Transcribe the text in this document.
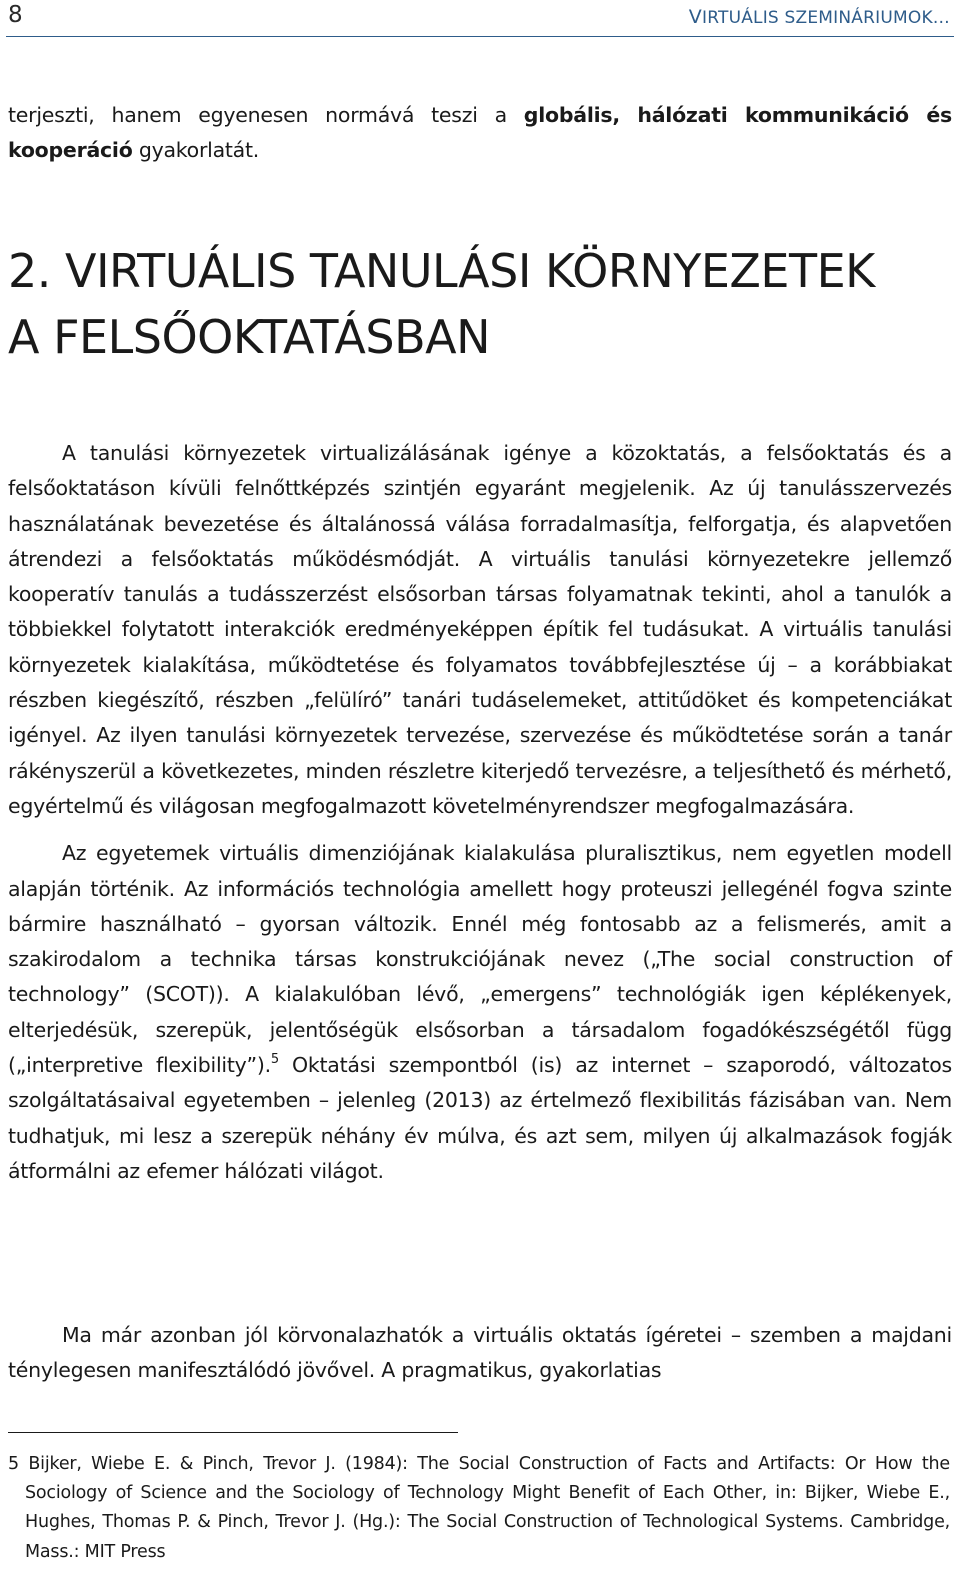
8	VIRTUÁLIS SZEMINÁRIUMOK…
terjeszti, hanem egyenesen normává teszi a globális, hálózati kommunikáció és kooperáció gyakorlatát.
2. VIRTUÁLIS TANULÁSI KÖRNYEZETEK
A FELSŐOKTATÁSBAN

A tanulási környezetek virtualizálásának igénye a közoktatás, a felsőoktatás és a felsőoktatáson kívüli felnőttképzés szintjén egyaránt megjelenik. Az új tanulásszervezés használatának bevezetése és általánossá válása forradalmasítja, felforgatja, és alapvetően átrendezi a felsőoktatás működésmódját. A virtuális tanulási környezetekre jellemző kooperatív tanulás a tudásszerzést elsősorban társas folyamatnak tekinti, ahol a tanulók a többiekkel folytatott interakciók eredményeképpen építik fel tudásukat. A virtuális tanulási környezetek kialakítása, működtetése és folyamatos továbbfejlesztése új – a korábbiakat részben kiegészítő, részben „felülíró” tanári tudáselemeket, attitűdöket és kompetenciákat igényel. Az ilyen tanulási környezetek tervezése, szervezése és működtetése során a tanár rákényszerül a következetes, minden részletre kiterjedő tervezésre, a teljesíthető és mérhető, egyértelmű és világosan megfogalmazott követelményrendszer megfogalmazására.

Az egyetemek virtuális dimenziójának kialakulása pluralisztikus, nem egyetlen modell alapján történik. Az információs technológia amellett hogy proteuszi jellegénél fogva szinte bármire használható – gyorsan változik. Ennél még fontosabb az a felismerés, amit a szakirodalom a technika társas konstrukciójának nevez („The social construction of technology” (SCOT)). A kialakulóban lévő, „emergens” technológiák igen képlékenyek, elterjedésük, szerepük, jelentőségük elsősorban a társadalom fogadókészségétől függ („interpretive flexibility”).$^5$ Oktatási szempontból (is) az internet – szaporodó, változatos szolgáltatásaival egyetemben – jelenleg (2013) az értelmező flexibilitás fázisában van. Nem tudhatjuk, mi lesz a szerepük néhány év múlva, és azt sem, milyen új alkalmazások fogják átformálni az efemer hálózati világot.

Ma már azonban jól körvonalazhatók a virtuális oktatás ígéretei – szemben a majdani ténylegesen manifesztálódó jövővel. A pragmatikus, gyakorlatias

5 Bijker, Wiebe E. & Pinch, Trevor J. (1984): The Social Construction of Facts and Artifacts: Or How the Sociology of Science and the Sociology of Technology Might Benefit of Each Other, in: Bijker, Wiebe E., Hughes, Thomas P. & Pinch, Trevor J. (Hg.): The Social Construction of Technological Systems. Cambridge, Mass.: MIT Press
